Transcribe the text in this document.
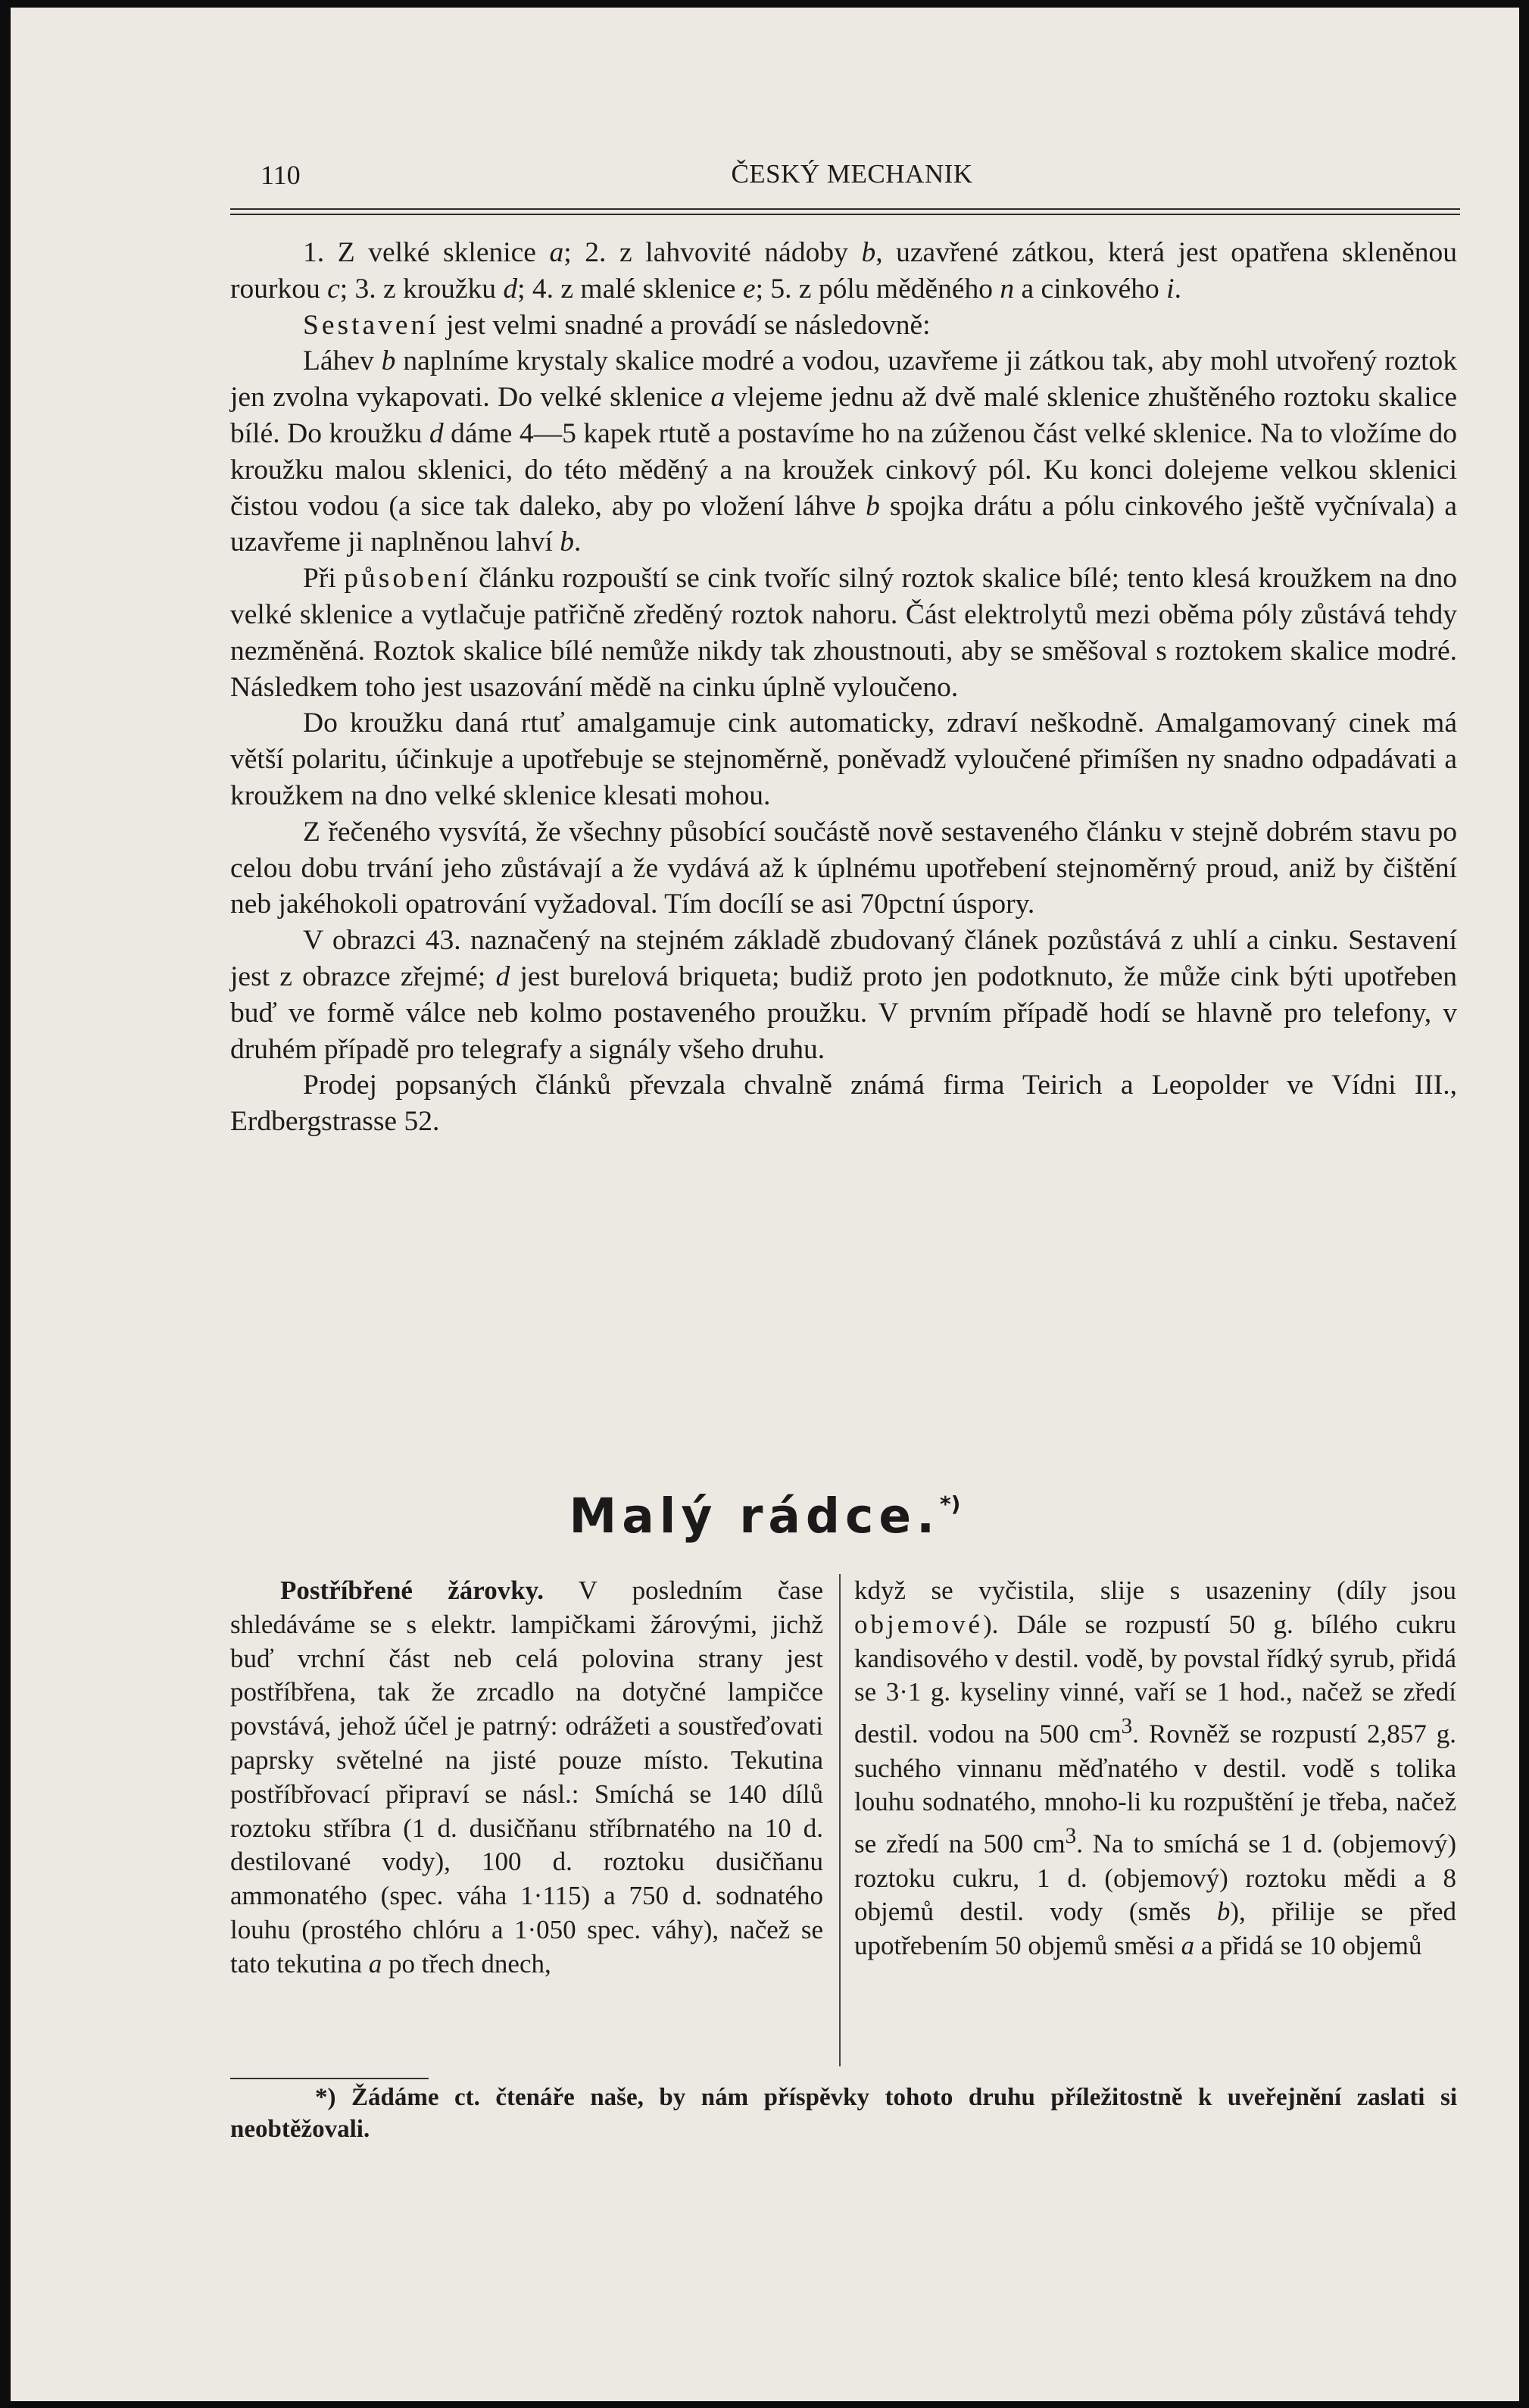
110	ČESKÝ MECHANIK

1. Z velké sklenice a; 2. z lahvovité nádoby b, uzavřené zátkou, která jest opatřena skleněnou rourkou c; 3. z kroužku d; 4. z malé sklenice e; 5. z pólu měděného n a cinkového i.

Sestavení jest velmi snadné a provádí se následovně:

Láhev b naplníme krystaly skalice modré a vodou, uzavřeme ji zátkou tak, aby mohl utvořený roztok jen zvolna vykapovati. Do velké sklenice a vlejeme jednu až dvě malé sklenice zhuštěného roztoku skalice bílé. Do kroužku d dáme 4—5 kapek rtutě a postavíme ho na zúženou část velké sklenice. Na to vložíme do kroužku malou sklenici, do této měděný a na kroužek cinkový pól. Ku konci dolejeme velkou sklenici čistou vodou (a sice tak daleko, aby po vložení láhve b spojka drátu a pólu cinkového ještě vyčnívala) a uzavřeme ji naplněnou lahví b.

Při působení článku rozpouští se cink tvoříc silný roztok skalice bílé; tento klesá kroužkem na dno velké sklenice a vytlačuje patřičně zředěný roztok nahoru. Část elektrolytů mezi oběma póly zůstává tehdy nezměněná. Roztok skalice bílé nemůže nikdy tak zhoustnouti, aby se směšoval s roztokem skalice modré. Následkem toho jest usazování mědě na cinku úplně vyloučeno.

Do kroužku daná rtuť amalgamuje cink automaticky, zdraví neškodně. Amalgamovaný cinek má větší polaritu, účinkuje a upotřebuje se stejnoměrně, poněvadž vyloučené přimíšen ny snadno odpadávati a kroužkem na dno velké sklenice klesati mohou.

Z řečeného vysvítá, že všechny působící součástě nově sestaveného článku v stejně dobrém stavu po celou dobu trvání jeho zůstávají a že vydává až k úplnému upotřebení stejnoměrný proud, aniž by čištění neb jakéhokoli opatrování vyžadoval. Tím docílí se asi 70pctní úspory.

V obrazci 43. naznačený na stejném základě zbudovaný článek pozůstává z uhlí a cinku. Sestavení jest z obrazce zřejmé; d jest burelová briqueta; budiž proto jen podotknuto, že může cink býti upotřeben buď ve formě válce neb kolmo postaveného proužku. V prvním případě hodí se hlavně pro telefony, v druhém případě pro telegrafy a signály všeho druhu.

Prodej popsaných článků převzala chvalně známá firma Teirich a Leopolder ve Vídni III., Erdbergstrasse 52.

Malý rádce.*)

Postříbřené žárovky. V posledním čase shledáváme se s elektr. lampičkami žárovými, jichž buď vrchní část neb celá polovina strany jest postříbřena, tak že zrcadlo na dotyčné lampičce povstává, jehož účel je patrný: odrážeti a soustřeďovati paprsky světelné na jisté pouze místo. Tekutina postříbřovací připraví se násl.: Smíchá se 140 dílů roztoku stříbra (1 d. dusičňanu stříbrnatého na 10 d. destilované vody), 100 d. roztoku dusičňanu ammonatého (spec. váha 1·115) a 750 d. sodnatého louhu (prostého chlóru a 1·050 spec. váhy), načež se tato tekutina a po třech dnech,

když se vyčistila, slije s usazeniny (díly jsou objemové). Dále se rozpustí 50 g. bílého cukru kandisového v destil. vodě, by povstal řídký syrub, přidá se 3·1 g. kyseliny vinné, vaří se 1 hod., načež se zředí destil. vodou na 500 $cm^3$. Rovněž se rozpustí 2,857 g. suchého vinnanu měďnatého v destil. vodě s tolika louhu sodnatého, mnoho-li ku rozpuštění je třeba, načež se zředí na 500 $cm^3$. Na to smíchá se 1 d. (objemový) roztoku cukru, 1 d. (objemový) roztoku mědi a 8 objemů destil. vody (směs b), přilije se před upotřebením 50 objemů směsi a a přidá se 10 objemů

*) Žádáme ct. čtenáře naše, by nám příspěvky tohoto druhu příležitostně k uveřejnění zaslati si neobtěžovali.
